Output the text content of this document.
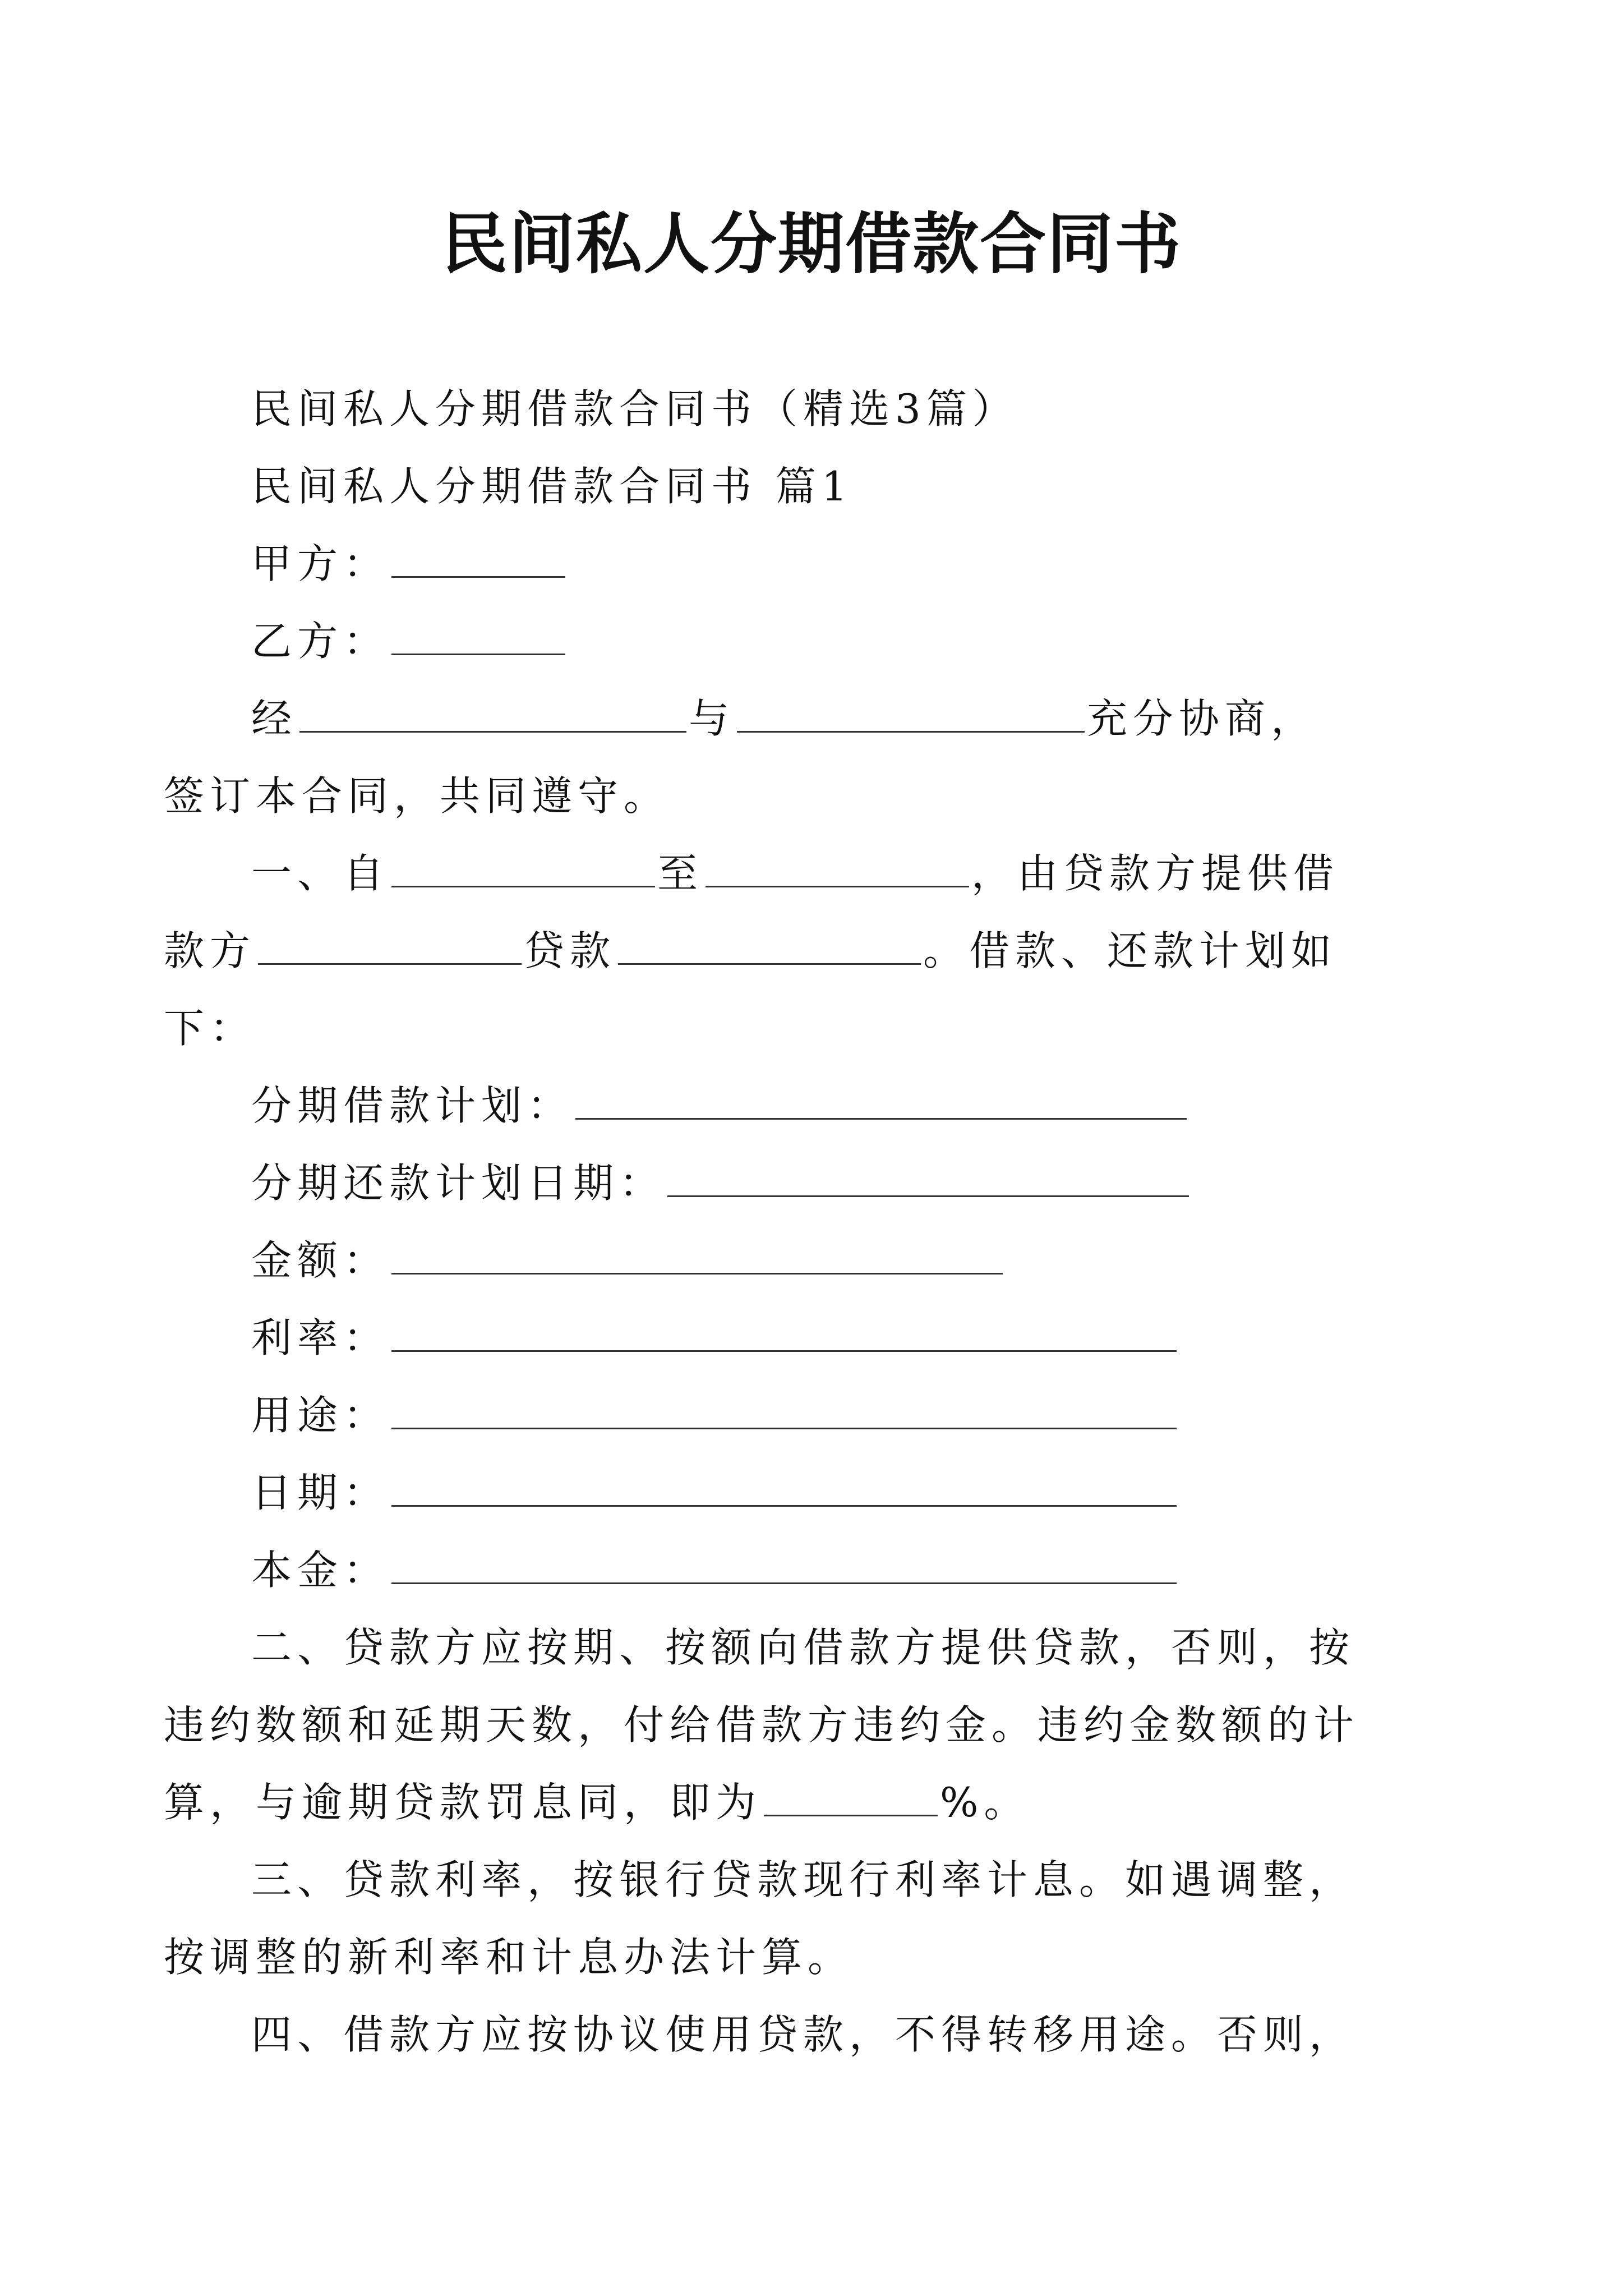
民间私人分期借款合同书

民间私人分期借款合同书（精选3篇）

民间私人分期借款合同书 篇1

甲方：

乙方：

经	与	充分协商，

签订本合同，共同遵守。

一、自	至	，由贷款方提供借

款方	贷款	。借款、还款计划如

下：

分期借款计划：

分期还款计划日期：

金额：

利率：

用途：

日期：

本金：

二、贷款方应按期、按额向借款方提供贷款，否则，按

违约数额和延期天数，付给借款方违约金。违约金数额的计

算，与逾期贷款罚息同，即为	%。

三、贷款利率，按银行贷款现行利率计息。如遇调整，

按调整的新利率和计息办法计算。

四、借款方应按协议使用贷款，不得转移用途。否则，
